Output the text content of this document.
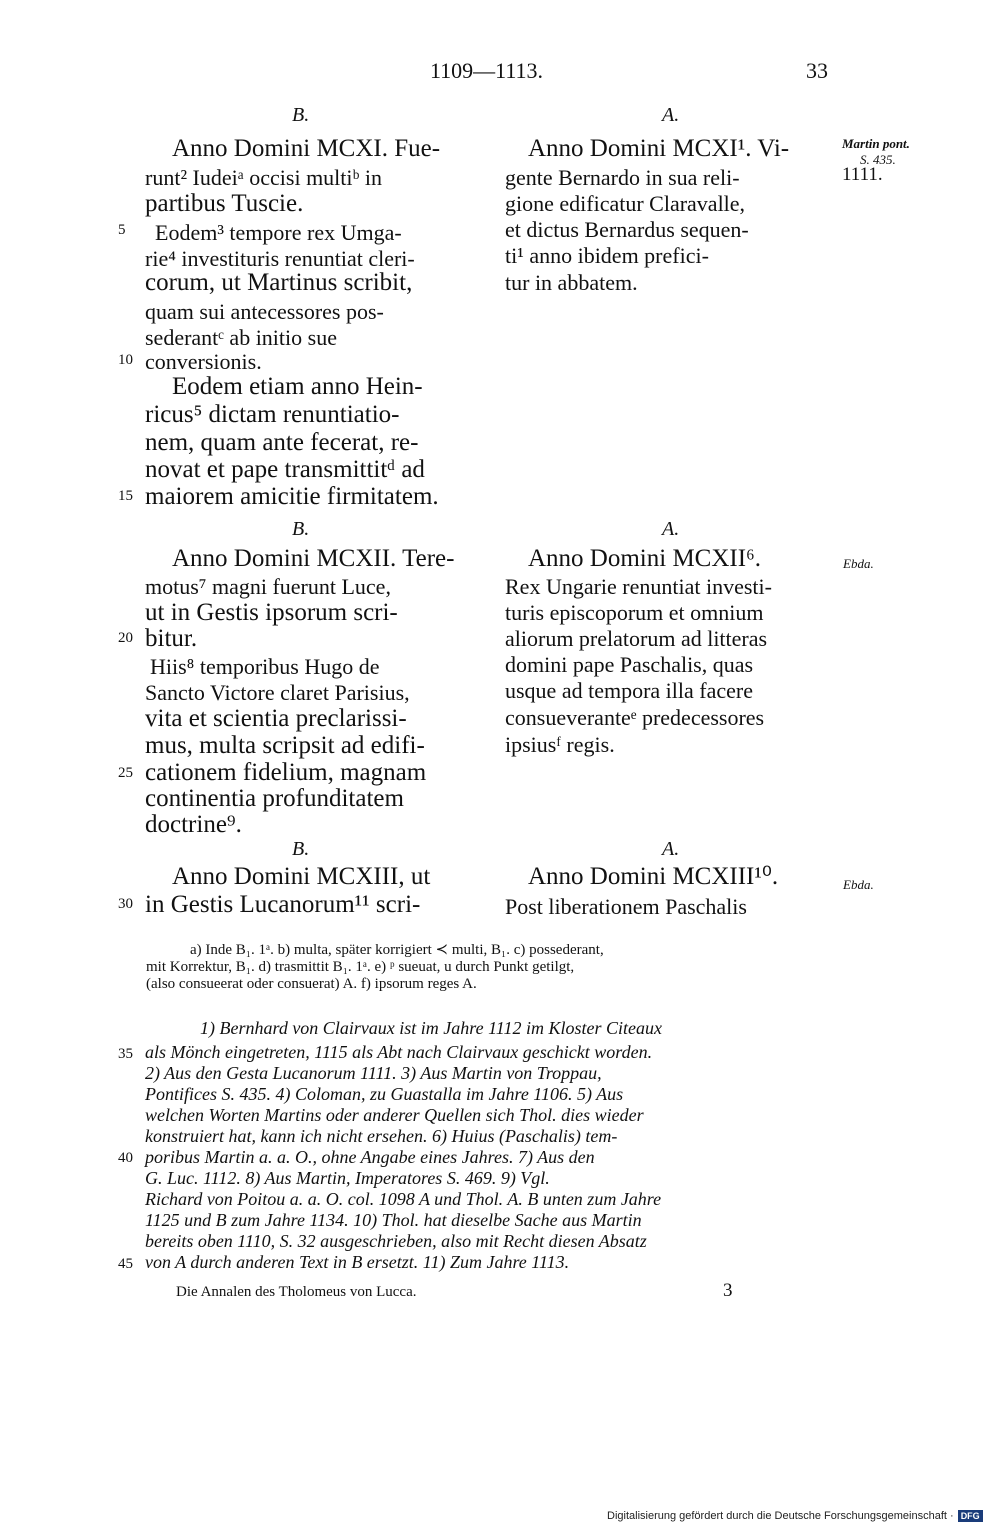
1109—1113.	33
B.	A.
Anno Domini MCXI. Fue-
runt² Iudeiᵃ occisi multiᵇ in
partibus Tuscie.
Eodem³ tempore rex Umga-
rie⁴ investituris renuntiat cleri-
corum, ut Martinus scribit,
quam sui antecessores pos-
sederantᶜ ab initio sue
conversionis.
Eodem etiam anno Hein-
ricus⁵ dictam renuntiatio-
nem, quam ante fecerat, re-
novat et pape transmittitᵈ ad
maiorem amicitie firmitatem.
Anno Domini MCXI¹. Vi-
gente Bernardo in sua reli-
gione edificatur Claravalle,
et dictus Bernardus sequen-
ti¹ anno ibidem prefici-
tur in abbatem.
B.	A.
Anno Domini MCXII. Tere-
motus⁷ magni fuerunt Luce,
ut in Gestis ipsorum scri-
bitur.
Hiis⁸ temporibus Hugo de
Sancto Victore claret Parisius,
vita et scientia preclarissi-
mus, multa scripsit ad edifi-
cationem fidelium, magnam
continentia profunditatem
doctrine⁹.
Anno Domini MCXII⁶.
Rex Ungarie renuntiat investi-
turis episcoporum et omnium
aliorum prelatorum ad litteras
domini pape Paschalis, quas
usque ad tempora illa facere
consueveranteᵉ predecessores
ipsiusᶠ regis.
B.	A.
Anno Domini MCXIII, ut
in Gestis Lucanorum¹¹ scri-
Anno Domini MCXIII¹⁰.
Post liberationem Paschalis
5
10
15
20
25
30
35
40
45
Martin pont.
S. 435.
1111.
Ebda.
Ebda.
a) Inde B₁. 1ᵃ. b) multa, später korrigiert ≺ multi, B₁. c) possederant,
mit Korrektur, B₁. d) trasmittit B₁. 1ᵃ. e) ᵖ sueuat, u durch Punkt getilgt,
(also consueerat oder consuerat) A. f) ipsorum reges A.
1) Bernhard von Clairvaux ist im Jahre 1112 im Kloster Citeaux
als Mönch eingetreten, 1115 als Abt nach Clairvaux geschickt worden.
2) Aus den Gesta Lucanorum 1111. 3) Aus Martin von Troppau,
Pontifices S. 435. 4) Coloman, zu Guastalla im Jahre 1106. 5) Aus
welchen Worten Martins oder anderer Quellen sich Thol. dies wieder
konstruiert hat, kann ich nicht ersehen. 6) Huius (Paschalis) tem-
poribus Martin a. a. O., ohne Angabe eines Jahres. 7) Aus den
G. Luc. 1112. 8) Aus Martin, Imperatores S. 469. 9) Vgl.
Richard von Poitou a. a. O. col. 1098 A und Thol. A. B unten zum Jahre
1125 und B zum Jahre 1134. 10) Thol. hat dieselbe Sache aus Martin
bereits oben 1110, S. 32 ausgeschrieben, also mit Recht diesen Absatz
von A durch anderen Text in B ersetzt. 11) Zum Jahre 1113.
Die Annalen des Tholomeus von Lucca.	3
Digitalisierung gefördert durch die Deutsche Forschungsgemeinschaft · DFG
